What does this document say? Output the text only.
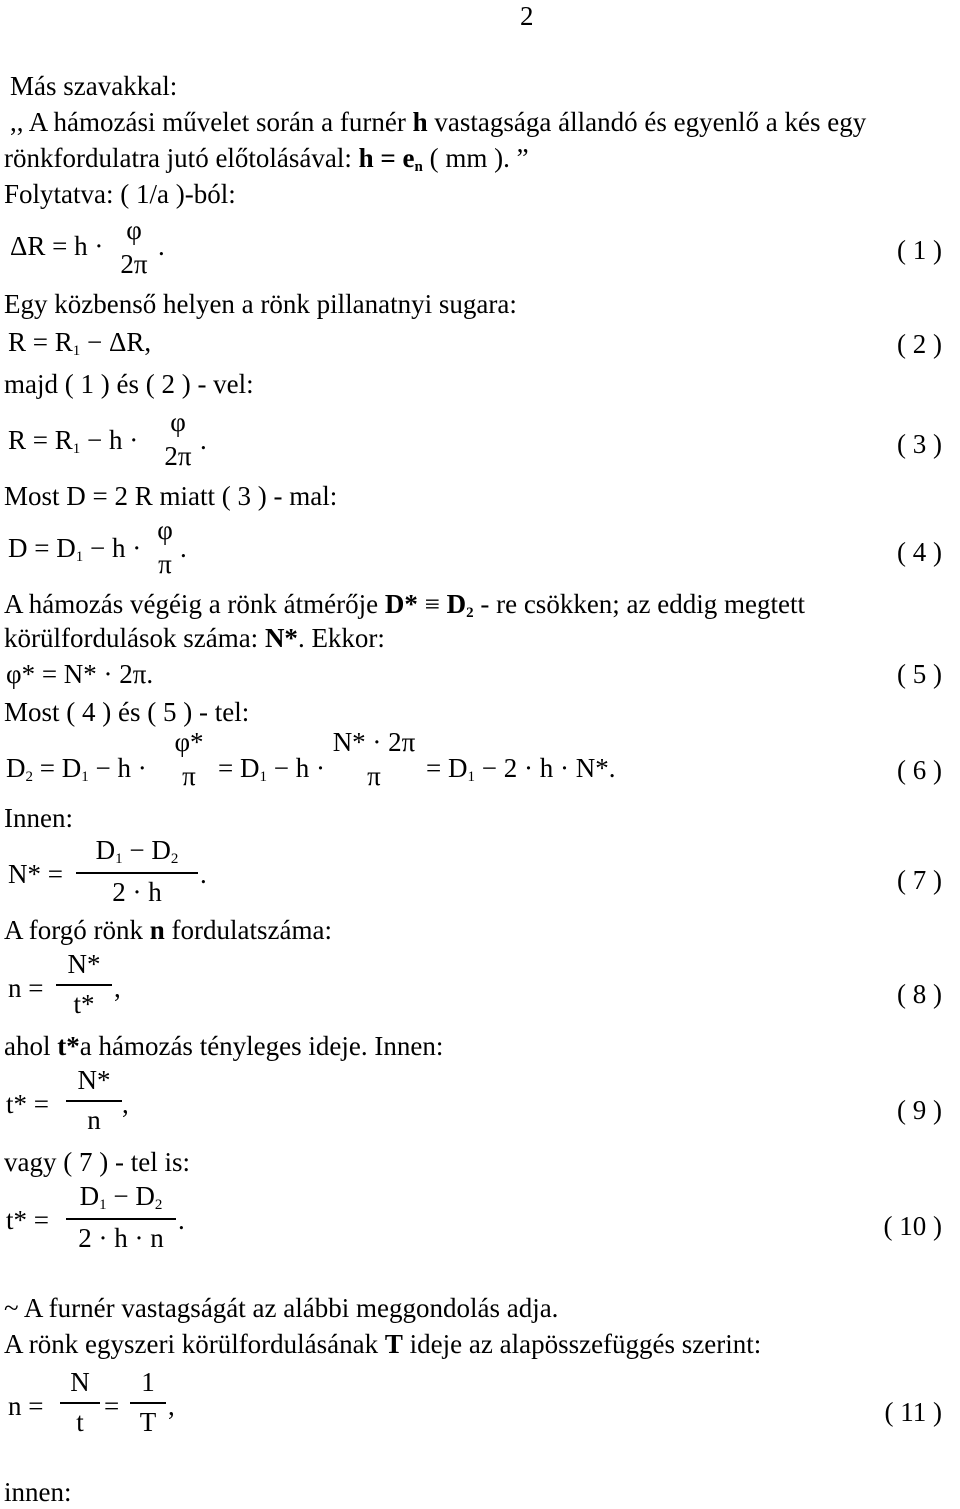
2
Más szavakkal:
,, A hámozási művelet során a furnér h vastagsága állandó és egyenlő a kés egy
rönkfordulatra jutó előtolásával: $h = e_n$ ( mm ). ”
Folytatva: ( 1/a )-ból:
ΔR = h ·
φ
2π
.	( 1 )
Egy közbenső helyen a rönk pillanatnyi sugara:
$R = R_1 - \Delta R$,	( 2 )
majd ( 1 ) és ( 2 ) - vel:
$R = R_1 - h$ ·
φ
2π
.	( 3 )
Most D = 2 R miatt ( 3 ) - mal:
$D = D_1 - h$ ·
φ
π
.	( 4 )
A hámozás végéig a rönk átmérője $D* \equiv D_2$ - re csökken; az eddig megtett
körülfordulások száma: N*. Ekkor:
φ* = N* · 2π.	( 5 )
Most ( 4 ) és ( 5 ) - tel:
$D_2 = D_1 - h$ ·
φ*
$\pi = D_1 - h$ ·
N* · 2π
π	= $D_1 - 2 \cdot h \cdot N*$.	( 6 )
Innen:
N* =
$D_1 - D_2$
2 · h
.	( 7 )
A forgó rönk n fordulatszáma:
n =
N*
t*
,	( 8 )
ahol t*a hámozás tényleges ideje. Innen:
t* =
N*
n
,	( 9 )
vagy ( 7 ) - tel is:
t* =
$D_1 - D_2$
2 · h · n
.	( 10 )
~ A furnér vastagságát az alábbi meggondolás adja.
A rönk egyszeri körülfordulásának T ideje az alapösszefüggés szerint:
n =
N
t
=
1
T
,	( 11 )
innen:
